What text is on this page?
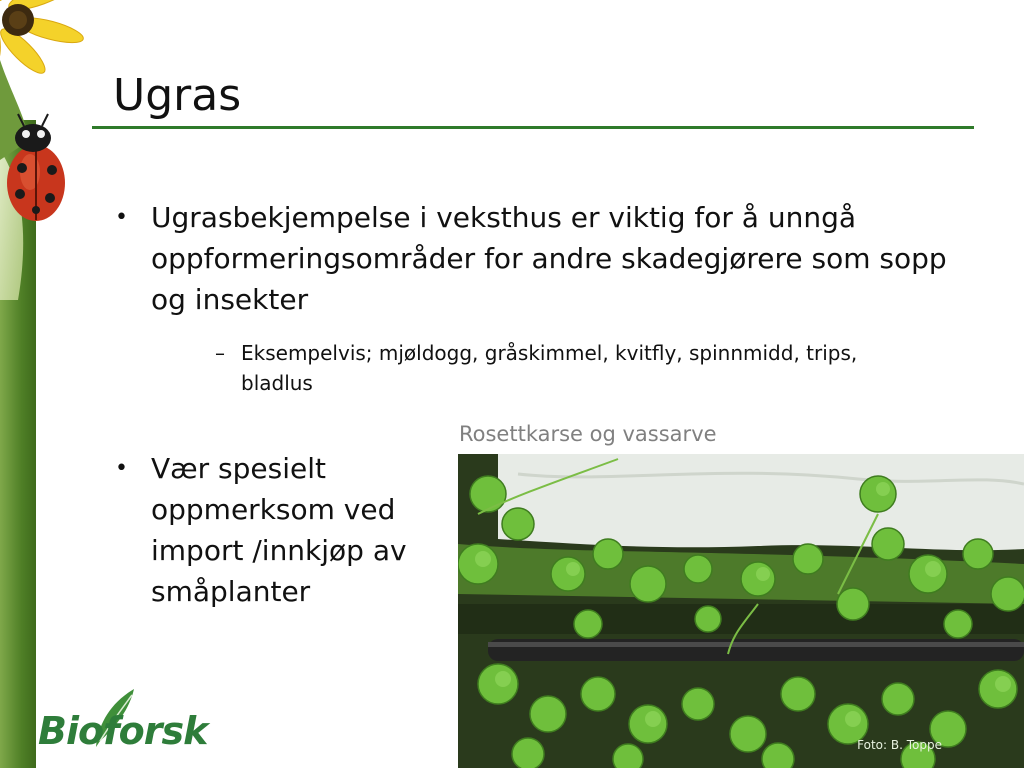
Ugras
• Ugrasbekjempelse i veksthus er viktig for å unngå oppformeringsområder for andre skadegjørere som sopp og insekter
– Eksempelvis; mjøldogg, gråskimmel, kvitfly, spinnmidd, trips, bladlus
• Vær spesielt oppmerksom ved import /innkjøp av småplanter
Rosettkarse og vassarve
Foto: B. Toppe
Bioforsk
